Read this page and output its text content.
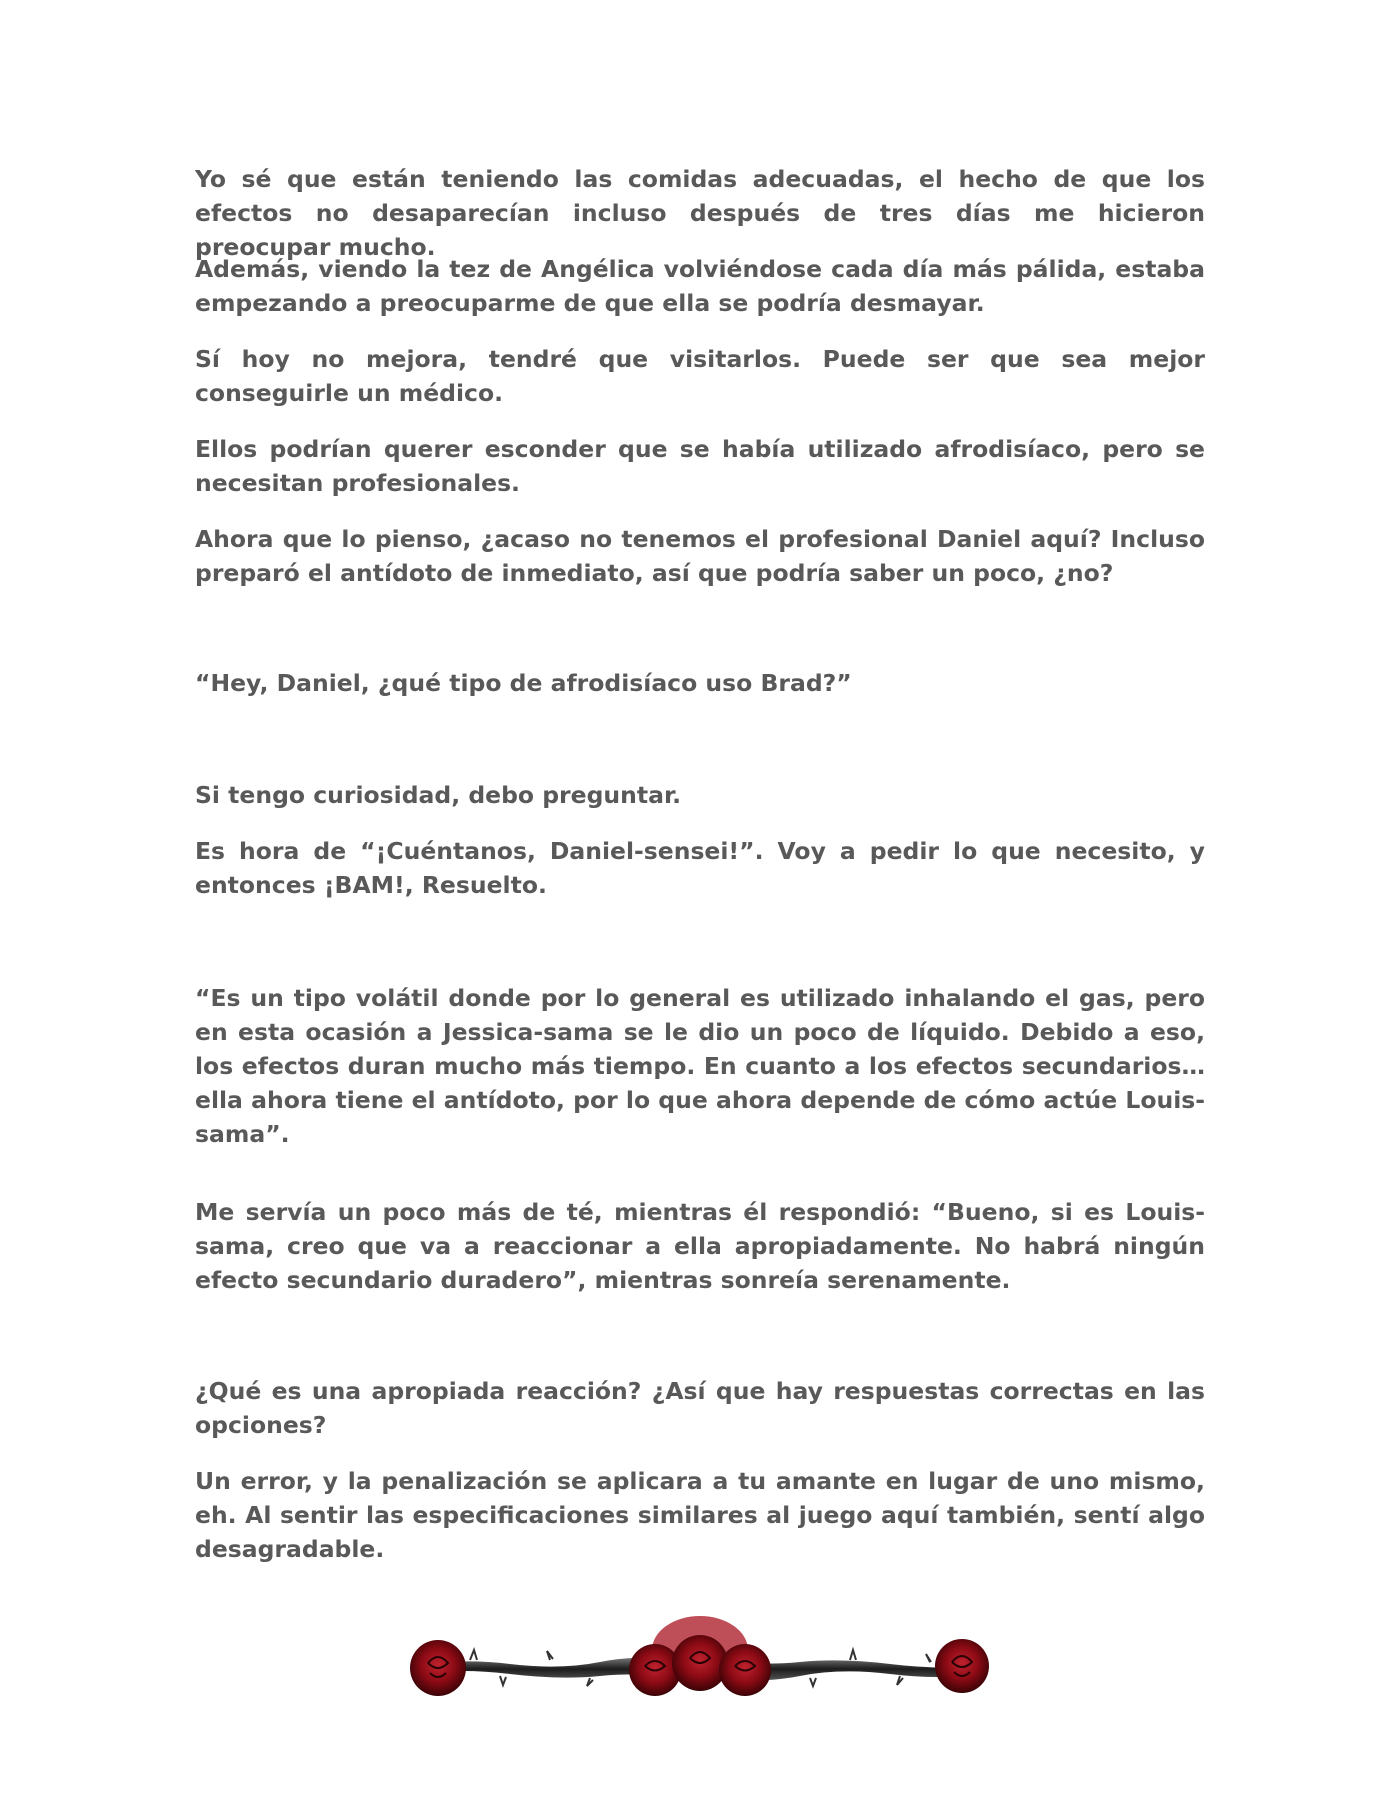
Yo sé que están teniendo las comidas adecuadas, el hecho de que los efectos no desaparecían incluso después de tres días me hicieron preocupar mucho.

Además, viendo la tez de Angélica volviéndose cada día más pálida, estaba empezando a preocuparme de que ella se podría desmayar.

Sí hoy no mejora, tendré que visitarlos. Puede ser que sea mejor conseguirle un médico.

Ellos podrían querer esconder que se había utilizado afrodisíaco, pero se necesitan profesionales.

Ahora que lo pienso, ¿acaso no tenemos el profesional Daniel aquí? Incluso preparó el antídoto de inmediato, así que podría saber un poco, ¿no?

“Hey, Daniel, ¿qué tipo de afrodisíaco uso Brad?”

Si tengo curiosidad, debo preguntar.

Es hora de “¡Cuéntanos, Daniel-sensei!”. Voy a pedir lo que necesito, y entonces ¡BAM!, Resuelto.

“Es un tipo volátil donde por lo general es utilizado inhalando el gas, pero en esta ocasión a Jessica-sama se le dio un poco de líquido. Debido a eso, los efectos duran mucho más tiempo. En cuanto a los efectos secundarios… ella ahora tiene el antídoto, por lo que ahora depende de cómo actúe Louis-sama”.

Me servía un poco más de té, mientras él respondió: “Bueno, si es Louis-sama, creo que va a reaccionar a ella apropiadamente. No habrá ningún efecto secundario duradero”, mientras sonreía serenamente.

¿Qué es una apropiada reacción? ¿Así que hay respuestas correctas en las opciones?

Un error, y la penalización se aplicara a tu amante en lugar de uno mismo, eh. Al sentir las especificaciones similares al juego aquí también, sentí algo desagradable.
